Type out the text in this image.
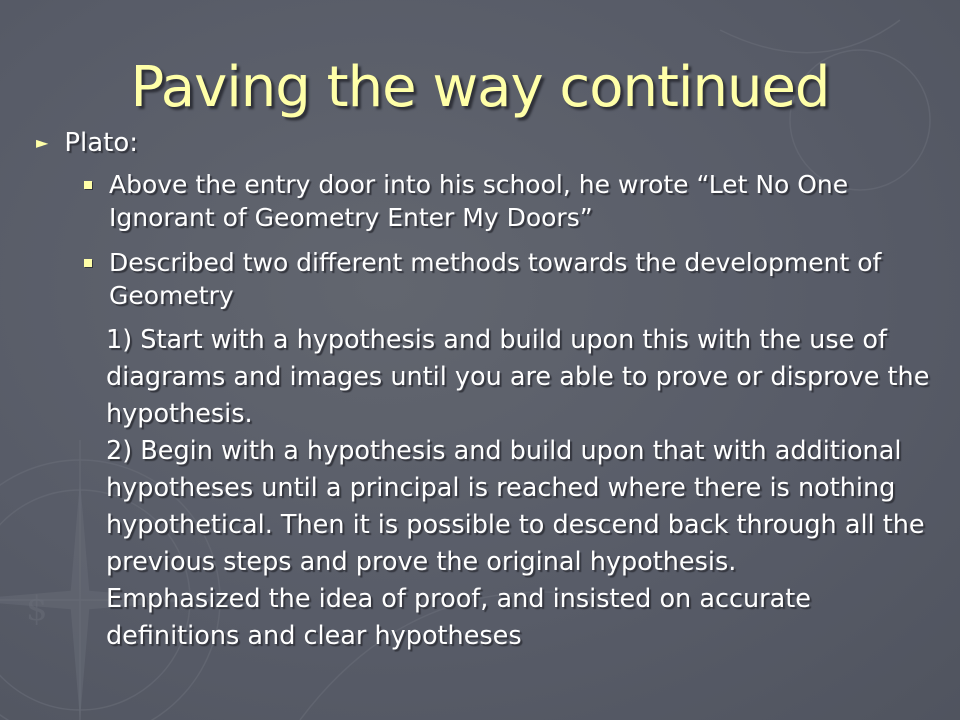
$
Paving the way continued
► Plato:
Above the entry door into his school, he wrote “Let No One Ignorant of Geometry Enter My Doors”
Described two different methods towards the development of Geometry

1) Start with a hypothesis and build upon this with the use of diagrams and images until you are able to prove or disprove the hypothesis.

2) Begin with a hypothesis and build upon that with additional hypotheses until a principal is reached where there is nothing hypothetical. Then it is possible to descend back through all the previous steps and prove the original hypothesis.

Emphasized the idea of proof, and insisted on accurate definitions and clear hypotheses
